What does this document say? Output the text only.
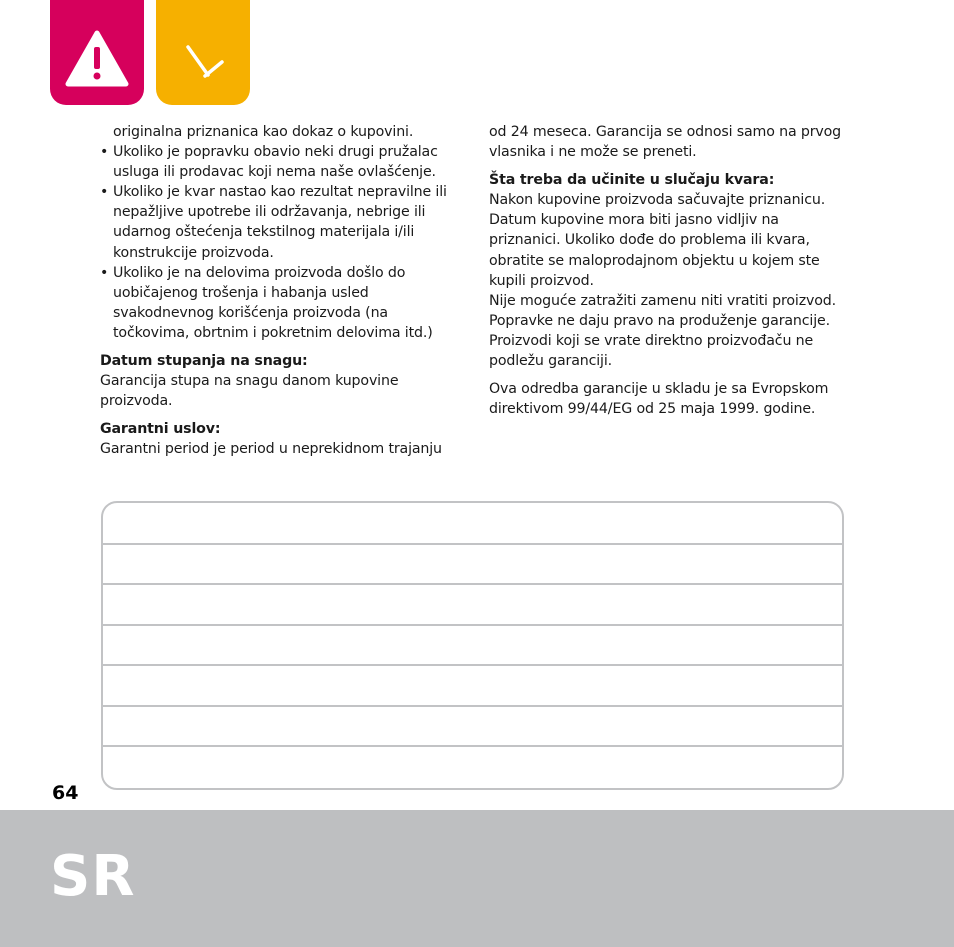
originalna priznanica kao dokaz o kupovini.

• Ukoliko je popravku obavio neki drugi pružalac

usluga ili prodavac koji nema naše ovlašćenje.

• Ukoliko je kvar nastao kao rezultat nepravilne ili

nepažljive upotrebe ili održavanja, nebrige ili

udarnog oštećenja tekstilnog materijala i/ili

konstrukcije proizvoda.

• Ukoliko je na delovima proizvoda došlo do

uobičajenog trošenja i habanja usled

svakodnevnog korišćenja proizvoda (na

točkovima, obrtnim i pokretnim delovima itd.)

Datum stupanja na snagu:

Garancija stupa na snagu danom kupovine

proizvoda.

Garantni uslov:

Garantni period je period u neprekidnom trajanju

od 24 meseca. Garancija se odnosi samo na prvog

vlasnika i ne može se preneti.

Šta treba da učinite u slučaju kvara:

Nakon kupovine proizvoda sačuvajte priznanicu.

Datum kupovine mora biti jasno vidljiv na

priznanici. Ukoliko dođe do problema ili kvara,

obratite se maloprodajnom objektu u kojem ste

kupili proizvod.

Nije moguće zatražiti zamenu niti vratiti proizvod.

Popravke ne daju pravo na produženje garancije.

Proizvodi koji se vrate direktno proizvođaču ne

podležu garanciji.

Ova odredba garancije u skladu je sa Evropskom

direktivom 99/44/EG od 25 maja 1999. godine.

64
SR
